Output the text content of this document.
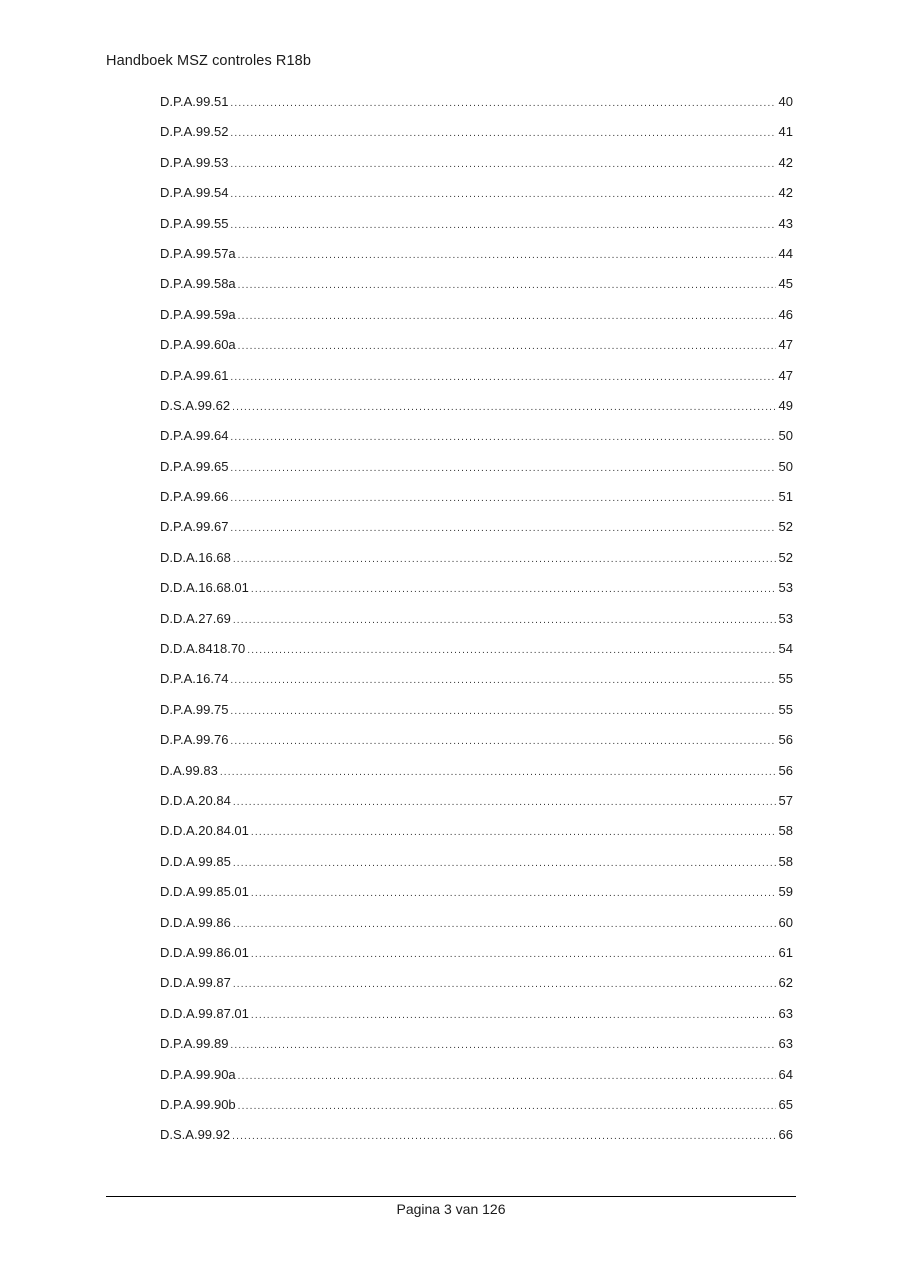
Handboek MSZ controles R18b
D.P.A.99.51 .....	40
D.P.A.99.52 .....	41
D.P.A.99.53 .....	42
D.P.A.99.54 .....	42
D.P.A.99.55 .....	43
D.P.A.99.57a .....	44
D.P.A.99.58a .....	45
D.P.A.99.59a .....	46
D.P.A.99.60a .....	47
D.P.A.99.61 .....	47
D.S.A.99.62 .....	49
D.P.A.99.64 .....	50
D.P.A.99.65 .....	50
D.P.A.99.66 .....	51
D.P.A.99.67 .....	52
D.D.A.16.68 .....	52
D.D.A.16.68.01 .....	53
D.D.A.27.69 .....	53
D.D.A.8418.70 .....	54
D.P.A.16.74 .....	55
D.P.A.99.75 .....	55
D.P.A.99.76 .....	56
D.A.99.83 .....	56
D.D.A.20.84 .....	57
D.D.A.20.84.01 .....	58
D.D.A.99.85 .....	58
D.D.A.99.85.01 .....	59
D.D.A.99.86 .....	60
D.D.A.99.86.01 .....	61
D.D.A.99.87 .....	62
D.D.A.99.87.01 .....	63
D.P.A.99.89 .....	63
D.P.A.99.90a .....	64
D.P.A.99.90b .....	65
D.S.A.99.92 .....	66
Pagina 3 van 126
